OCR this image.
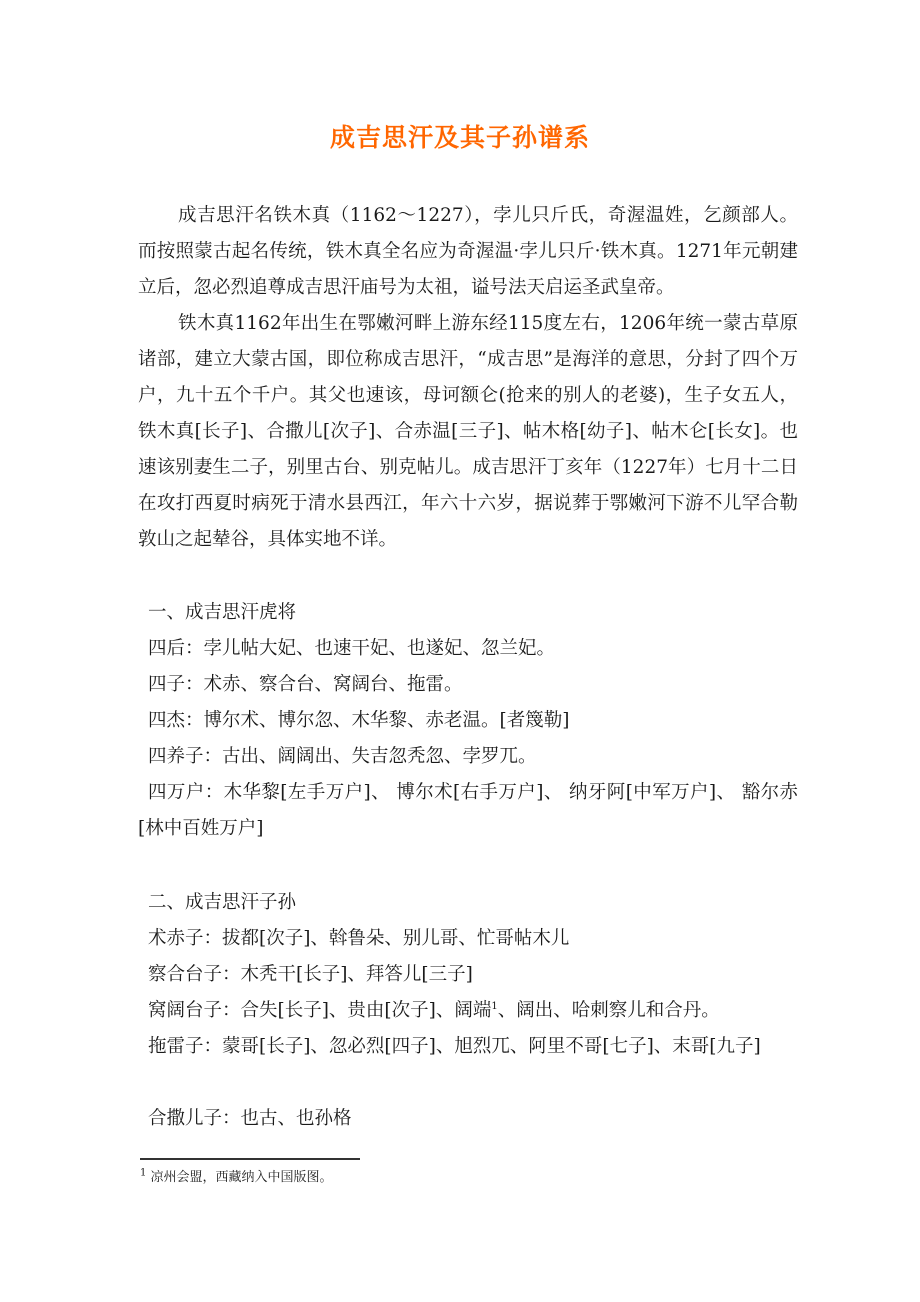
成吉思汗及其子孙谱系

成吉思汗名铁木真（1162～1227），孛儿只斤氏，奇渥温姓，乞颜部人。而按照蒙古起名传统，铁木真全名应为奇渥温·孛儿只斤·铁木真。1271年元朝建立后，忽必烈追尊成吉思汗庙号为太祖，谥号法天启运圣武皇帝。

铁木真1162年出生在鄂嫩河畔上游东经115度左右，1206年统一蒙古草原诸部，建立大蒙古国，即位称成吉思汗，“成吉思”是海洋的意思，分封了四个万户，九十五个千户。其父也速该，母诃额仑(抢来的别人的老婆)，生子女五人，铁木真[长子]、合撒儿[次子]、合赤温[三子]、帖木格[幼子]、帖木仑[长女]。也速该别妻生二子，别里古台、别克帖儿。成吉思汗丁亥年（1227年）七月十二日在攻打西夏时病死于清水县西江，年六十六岁，据说葬于鄂嫩河下游不儿罕合勒敦山之起辇谷，具体实地不详。

一、成吉思汗虎将

四后：孛儿帖大妃、也速干妃、也遂妃、忽兰妃。

四子：术赤、察合台、窝阔台、拖雷。

四杰：博尔术、博尔忽、木华黎、赤老温。[者篾勒]

四养子：古出、阔阔出、失吉忽秃忽、孛罗兀。

四万户：木华黎[左手万户]、 博尔术[右手万户]、 纳牙阿[中军万户]、 豁尔赤[林中百姓万户]

二、成吉思汗子孙

术赤子：拔都[次子]、斡鲁朵、别儿哥、忙哥帖木儿

察合台子：木秃干[长子]、拜答儿[三子]

窝阔台子：合失[长子]、贵由[次子]、阔端$^1$、阔出、哈刺察儿和合丹。

拖雷子：蒙哥[长子]、忽必烈[四子]、旭烈兀、阿里不哥[七子]、末哥[九子]

合撒儿子：也古、也孙格

$^1$ 凉州会盟，西藏纳入中国版图。
